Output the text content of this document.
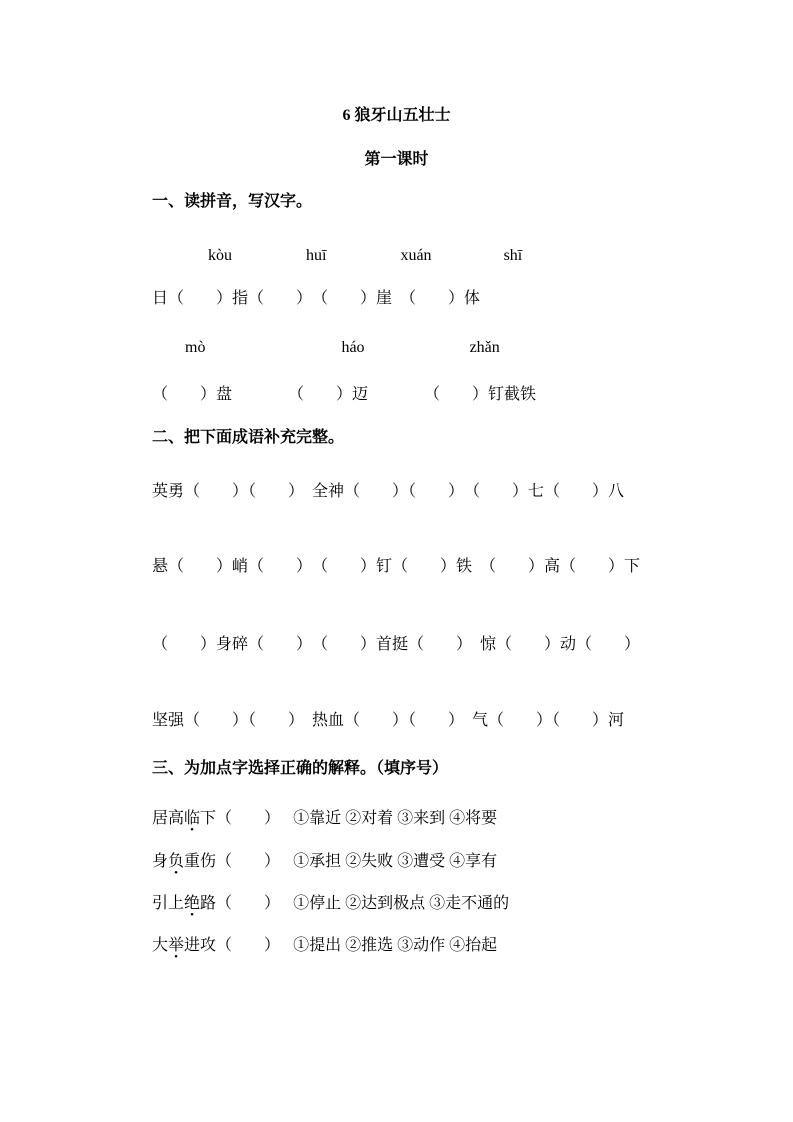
6 狼牙山五壮士
第一课时
一、读拼音，写汉字。
kòu	huī	xuán	shī
日（　　）指（　　）　（　　）崖　（　　）体
mò	háo	zhǎn
（　　）盘　　　　（　　）迈　　　　（　　）钉截铁
二、把下面成语补充完整。
英勇（　　）（　　）　全神（　　）（　　）　（　　）七（　　）八
悬（　　）峭（　　）　（　　）钉（　　）铁　（　　）高（　　）下
（　　）身碎（　　）　（　　）首挺（　　）　惊（　　）动（　　）
坚强（　　）（　　）　热血（　　）（　　）　气（　　）（　　）河
三、为加点字选择正确的解释。（填序号）
居高临下（　　） ①靠近 ②对着 ③来到 ④将要
身负重伤（　　） ①承担 ②失败 ③遭受 ④享有
引上绝路（　　） ①停止 ②达到极点 ③走不通的
大举进攻（　　） ①提出 ②推选 ③动作 ④抬起
